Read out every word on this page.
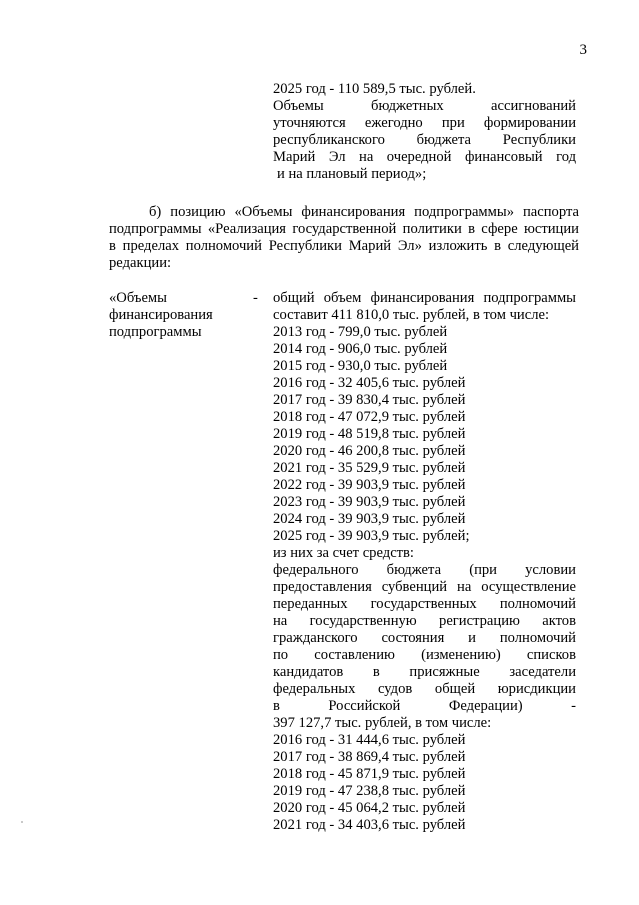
3
2025 год - 110 589,5 тыс. рублей.
Объемы бюджетных ассигнований
уточняются ежегодно при формировании
республиканского бюджета Республики
Марий Эл на очередной финансовый год
и на плановый период»;
б) позицию «Объемы финансирования подпрограммы» паспорта
подпрограммы «Реализация государственной политики в сфере юстиции
в пределах полномочий Республики Марий Эл» изложить в следующей
редакции:
«Объемы
финансирования
подпрограммы
- общий объем финансирования подпрограммы
составит 411 810,0 тыс. рублей, в том числе:
2013 год - 799,0 тыс. рублей
2014 год - 906,0 тыс. рублей
2015 год - 930,0 тыс. рублей
2016 год - 32 405,6 тыс. рублей
2017 год - 39 830,4 тыс. рублей
2018 год - 47 072,9 тыс. рублей
2019 год - 48 519,8 тыс. рублей
2020 год - 46 200,8 тыс. рублей
2021 год - 35 529,9 тыс. рублей
2022 год - 39 903,9 тыс. рублей
2023 год - 39 903,9 тыс. рублей
2024 год - 39 903,9 тыс. рублей
2025 год - 39 903,9 тыс. рублей;
из них за счет средств:
федерального бюджета (при условии
предоставления субвенций на осуществление
переданных государственных полномочий
на государственную регистрацию актов
гражданского состояния и полномочий
по составлению (изменению) списков
кандидатов в присяжные заседатели
федеральных судов общей юрисдикции
в Российской Федерации) -
397 127,7 тыс. рублей, в том числе:
2016 год - 31 444,6 тыс. рублей
2017 год - 38 869,4 тыс. рублей
2018 год - 45 871,9 тыс. рублей
2019 год - 47 238,8 тыс. рублей
2020 год - 45 064,2 тыс. рублей
2021 год - 34 403,6 тыс. рублей
